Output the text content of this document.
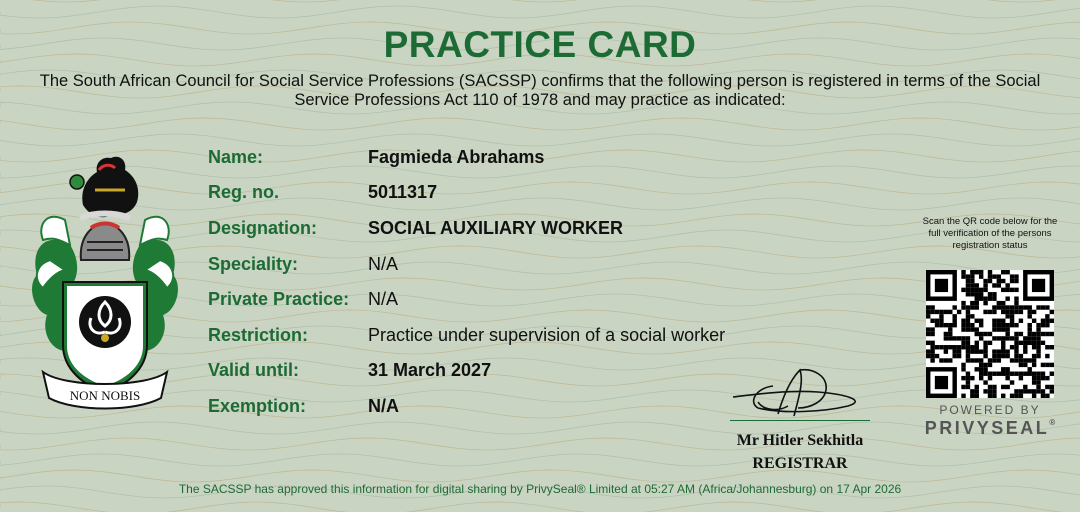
PRACTICE CARD
The South African Council for Social Service Professions (SACSSP) confirms that the following person is registered in terms of the Social Service Professions Act 110 of 1978 and may practice as indicated:
NON NOBIS
Name:	Fagmieda Abrahams
Reg. no.	5011317
Designation:	SOCIAL AUXILIARY WORKER
Speciality:	N/A
Private Practice: N/A
Restriction:	Practice under supervision of a social worker
Valid until:	31 March 2027
Exemption:	N/A
Mr Hitler Sekhitla
REGISTRAR
Scan the QR code below for the full verification of the persons registration status
POWERED BY
PRIVYSEAL®
The SACSSP has approved this information for digital sharing by PrivySeal® Limited at 05:27 AM (Africa/Johannesburg) on 17 Apr 2026
